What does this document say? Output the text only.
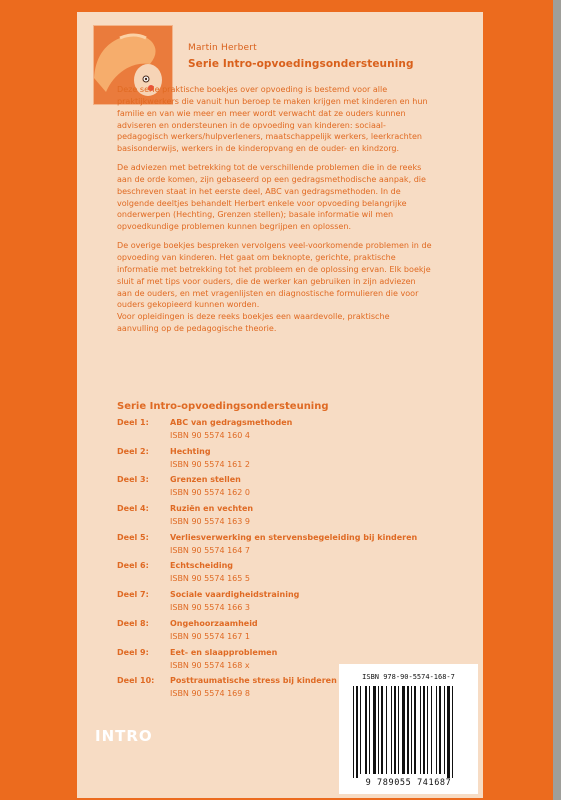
Martin Herbert
Serie Intro-opvoedingsondersteuning

Deze serie praktische boekjes over opvoeding is bestemd voor alle praktijkwerkers die vanuit hun beroep te maken krijgen met kinderen en hun familie en van wie meer en meer wordt verwacht dat ze ouders kunnen adviseren en ondersteunen in de opvoeding van kinderen: sociaal-pedagogisch werkers/hulpverleners, maatschappelijk werkers, leerkrachten basisonderwijs, werkers in de kinderopvang en de ouder- en kindzorg.

De adviezen met betrekking tot de verschillende problemen die in de reeks aan de orde komen, zijn gebaseerd op een gedragsmethodische aanpak, die beschreven staat in het eerste deel, ABC van gedragsmethoden. In de volgende deeltjes behandelt Herbert enkele voor opvoeding belangrijke onderwerpen (Hechting, Grenzen stellen); basale informatie wil men opvoedkundige problemen kunnen begrijpen en oplossen.

De overige boekjes bespreken vervolgens veel-voorkomende problemen in de opvoeding van kinderen. Het gaat om beknopte, gerichte, praktische informatie met betrekking tot het probleem en de oplossing ervan. Elk boekje sluit af met tips voor ouders, die de werker kan gebruiken in zijn adviezen aan de ouders, en met vragenlijsten en diagnostische formulieren die voor ouders gekopieerd kunnen worden.

Voor opleidingen is deze reeks boekjes een waardevolle, praktische aanvulling op de pedagogische theorie.

Serie Intro-opvoedingsondersteuning
Deel 1:	ABC van gedragsmethoden
ISBN 90 5574 160 4
Deel 2:	Hechting
ISBN 90 5574 161 2
Deel 3:	Grenzen stellen
ISBN 90 5574 162 0
Deel 4:	Ruziën en vechten
ISBN 90 5574 163 9
Deel 5:	Verliesverwerking en stervensbegeleiding bij kinderen
ISBN 90 5574 164 7
Deel 6:	Echtscheiding
ISBN 90 5574 165 5
Deel 7:	Sociale vaardigheidstraining
ISBN 90 5574 166 3
Deel 8:	Ongehoorzaamheid
ISBN 90 5574 167 1
Deel 9:	Eet- en slaapproblemen
ISBN 90 5574 168 x
Deel 10: Posttraumatische stress bij kinderen
ISBN 90 5574 169 8
INTRO
ISBN 978-90-5574-168-7
9 789055 741687
